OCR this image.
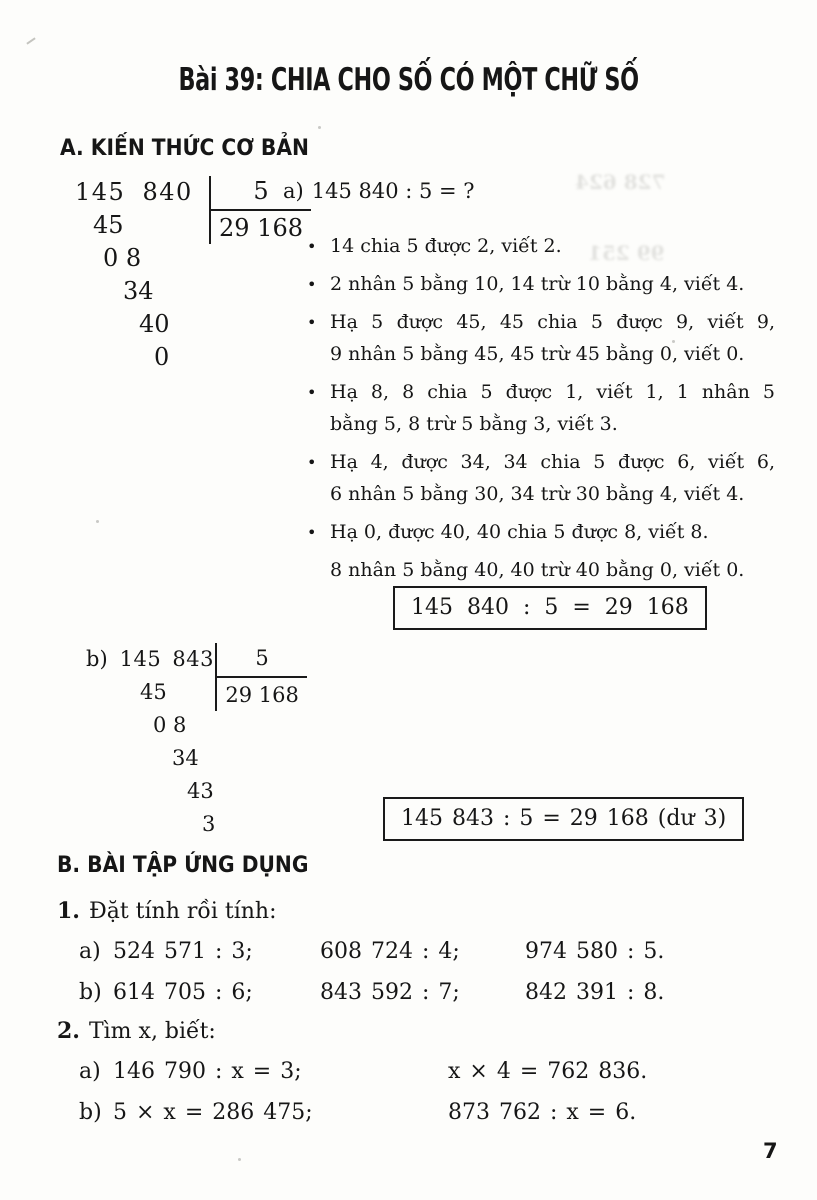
728 624
99 251
Bài 39: CHIA CHO SỐ CÓ MỘT CHỮ SỐ
A. KIẾN THỨC CƠ BẢN
145 840
45
0 8
34
40
0
5
29 168
a) 145 840 : 5 = ?
• 14 chia 5 được 2, viết 2.
• 2 nhân 5 bằng 10, 14 trừ 10 bằng 4, viết 4.
• Hạ 5 được 45, 45 chia 5 được 9, viết 9,
9 nhân 5 bằng 45, 45 trừ 45 bằng 0, viết 0.
• Hạ 8, 8 chia 5 được 1, viết 1, 1 nhân 5
bằng 5, 8 trừ 5 bằng 3, viết 3.
• Hạ 4, được 34, 34 chia 5 được 6, viết 6,
6 nhân 5 bằng 30, 34 trừ 30 bằng 4, viết 4.
• Hạ 0, được 40, 40 chia 5 được 8, viết 8.
8 nhân 5 bằng 40, 40 trừ 40 bằng 0, viết 0.
145 840 : 5 = 29 168
b) 145 843
45
0 8
34
43
3
5
29 168
145 843 : 5 = 29 168 (dư 3)
B. BÀI TẬP ỨNG DỤNG
1. Đặt tính rồi tính:
a) 524 571 : 3;	608 724 : 4;	974 580 : 5.
b) 614 705 : 6;	843 592 : 7;	842 391 : 8.
2. Tìm x, biết:
a) 146 790 : x = 3;	x × 4 = 762 836.
b) 5 × x = 286 475;	873 762 : x = 6.
7
